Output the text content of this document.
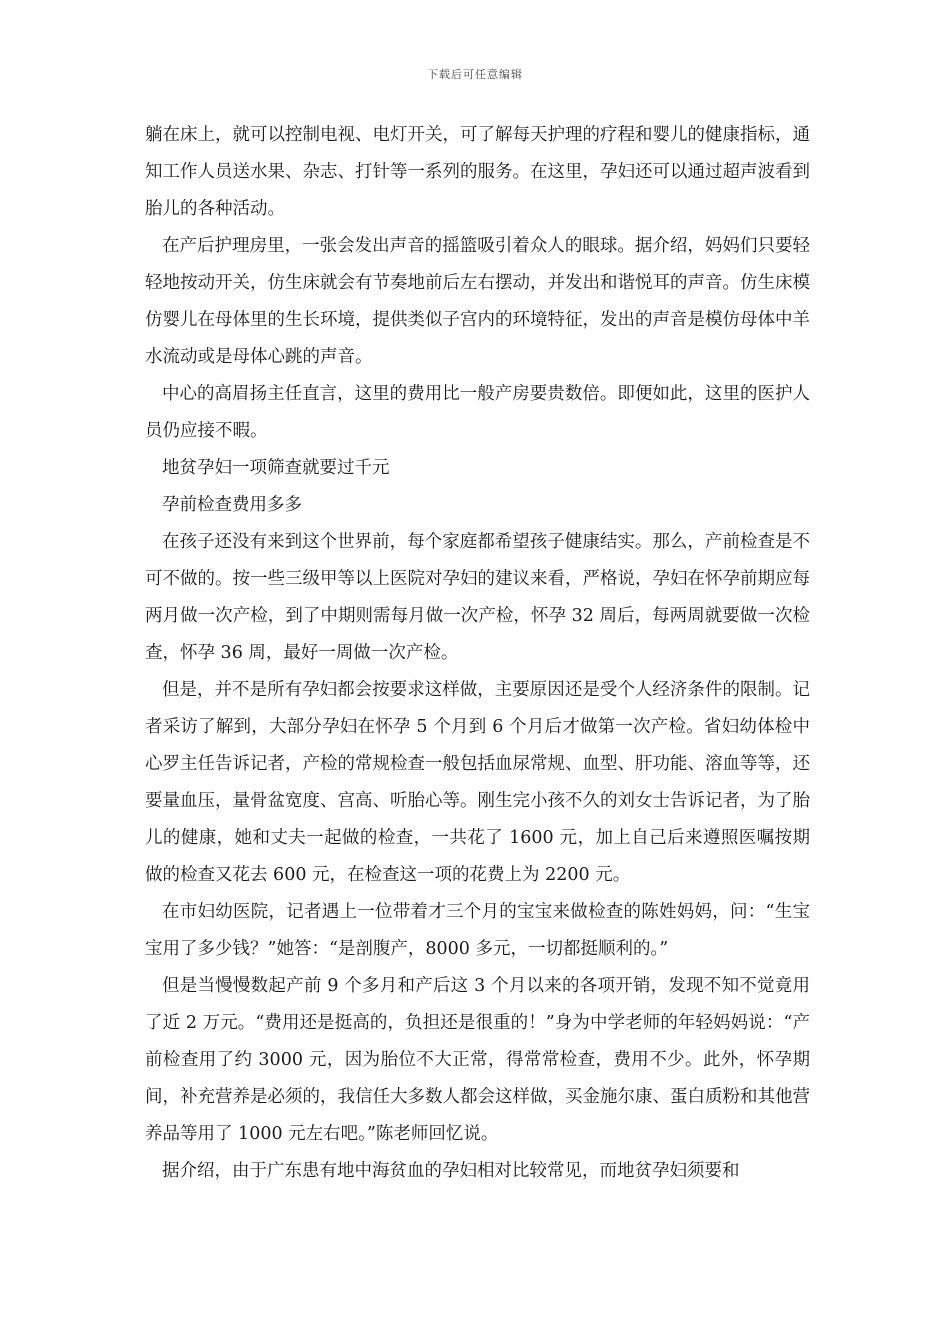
下载后可任意编辑

躺在床上，就可以控制电视、电灯开关，可了解每天护理的疗程和婴儿的健康指标，通知工作人员送水果、杂志、打针等一系列的服务。在这里，孕妇还可以通过超声波看到胎儿的各种活动。

在产后护理房里，一张会发出声音的摇篮吸引着众人的眼球。据介绍，妈妈们只要轻轻地按动开关，仿生床就会有节奏地前后左右摆动，并发出和谐悦耳的声音。仿生床模仿婴儿在母体里的生长环境，提供类似子宫内的环境特征，发出的声音是模仿母体中羊水流动或是母体心跳的声音。

中心的高眉扬主任直言，这里的费用比一般产房要贵数倍。即便如此，这里的医护人员仍应接不暇。

地贫孕妇一项筛查就要过千元

孕前检查费用多多

在孩子还没有来到这个世界前，每个家庭都希望孩子健康结实。那么，产前检查是不可不做的。按一些三级甲等以上医院对孕妇的建议来看，严格说，孕妇在怀孕前期应每两月做一次产检，到了中期则需每月做一次产检，怀孕 32 周后，每两周就要做一次检查，怀孕 36 周，最好一周做一次产检。

但是，并不是所有孕妇都会按要求这样做，主要原因还是受个人经济条件的限制。记者采访了解到，大部分孕妇在怀孕 5 个月到 6 个月后才做第一次产检。省妇幼体检中心罗主任告诉记者，产检的常规检查一般包括血尿常规、血型、肝功能、溶血等等，还要量血压，量骨盆宽度、宫高、听胎心等。刚生完小孩不久的刘女士告诉记者，为了胎儿的健康，她和丈夫一起做的检查，一共花了 1600 元，加上自己后来遵照医嘱按期做的检查又花去 600 元，在检查这一项的花费上为 2200 元。

在市妇幼医院，记者遇上一位带着才三个月的宝宝来做检查的陈姓妈妈，问：“生宝宝用了多少钱？”她答：“是剖腹产，8000 多元，一切都挺顺利的。”

但是当慢慢数起产前 9 个多月和产后这 3 个月以来的各项开销，发现不知不觉竟用了近 2 万元。“费用还是挺高的，负担还是很重的！”身为中学老师的年轻妈妈说：“产前检查用了约 3000 元，因为胎位不大正常，得常常检查，费用不少。此外，怀孕期间，补充营养是必须的，我信任大多数人都会这样做，买金施尔康、蛋白质粉和其他营养品等用了 1000 元左右吧。”陈老师回忆说。

据介绍，由于广东患有地中海贫血的孕妇相对比较常见，而地贫孕妇须要和
